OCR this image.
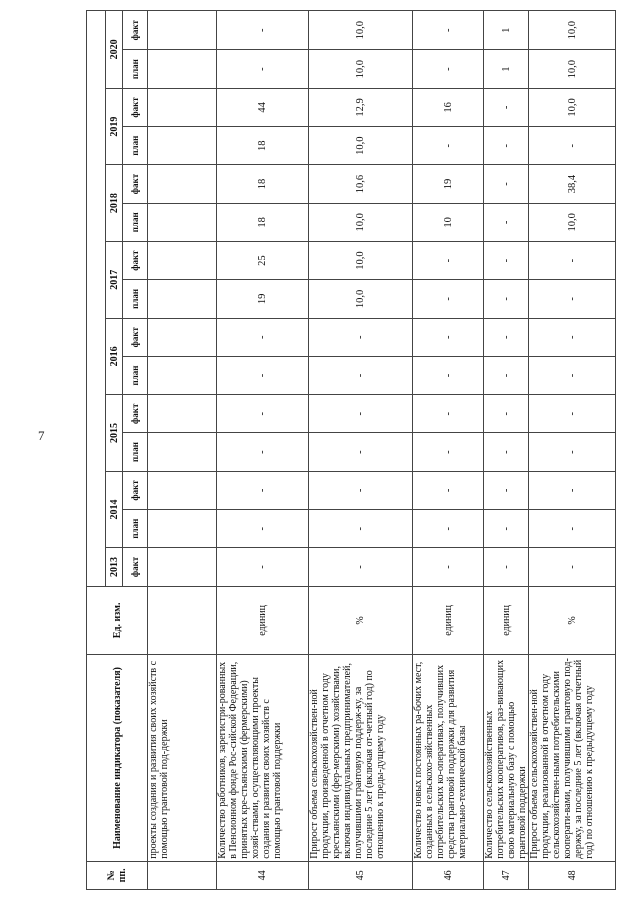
7
№ пп.	Наименование индикатора (показателя)	Ед. изм.															
			2013	2014		2015		2016		2017		2018		2019		2020	
			факт	план	факт	план	факт	план	факт	план	факт	план	факт	план	факт	план	факт
	проекты создания и развития своих хозяйств с помощью грантовой под-держки																
44	Количество работников, зарегистри-рованных в Пенсионном фонде Рос-сийской Федерации, принятых кре-стьянскими (фермерскими) хозяй-ствами, осуществляющими проекты создания и развития своих хозяйств с помощью грантовой поддержки	единиц	-	-	-	-	-	-	-	19	25	18	18	18	44	-	-
45	Прирост объема сельскохозяйствен-ной продукции, произведенной в отчетном году крестьянскими (фер-мерскими) хозяйствами, включая индивидуальных предпринимателей, получившими грантовую поддерж-ку, за последние 5 лет (включая от-четный год) по отношению к преды-дущему году	%	-	-	-	-	-	-	-	10,0	10,0	10,0	10,6	10,0	12,9	10,0	10,0
46	Количество новых постоянных ра-бочих мест, созданных в сельскохо-зяйственных потребительских ко-оперативах, получивших средства грантовой поддержки для развития материально-технической базы	единиц	-	-	-	-	-	-	-	-	-	10	19	-	16	-	-
47	Количество сельскохозяйственных потребительских кооперативов, раз-вивающих свою материальную базу с помощью грантовой поддержки	единиц	-	-	-	-	-	-	-	-	-	-	-	-	-	1	1
48	Прирост объема сельскохозяйствен-ной продукции, реализованной в отчетном году сельскохозяйствен-ными потребительскими кооперати-вами, получившими грантовую под-держку, за последние 5 лет (включая отчетный год) по отношению к предыдущему году	%	-	-	-	-	-	-	-	-	-	10,0	38,4	-	10,0	10,0	10,0
